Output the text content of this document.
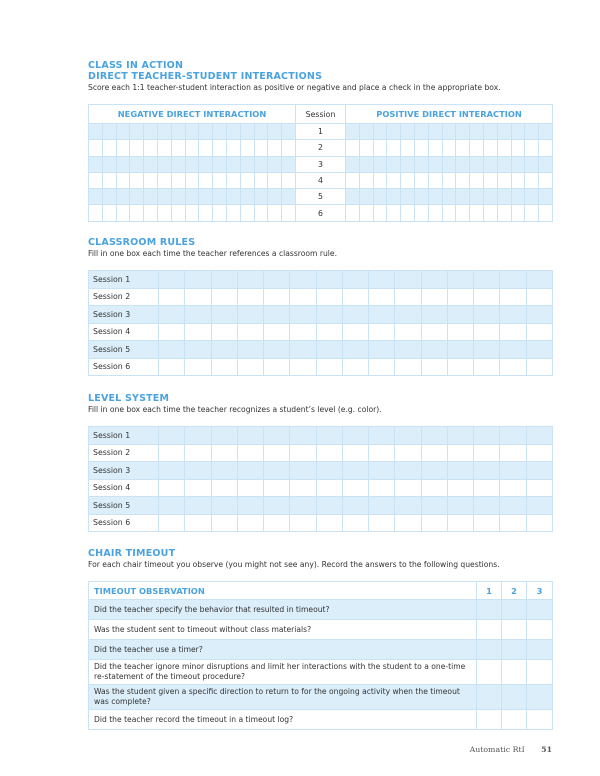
CLASS IN ACTION
DIRECT TEACHER-STUDENT INTERACTIONS
Score each 1:1 teacher-student interaction as positive or negative and place a check in the appropriate box.
NEGATIVE DIRECT INTERACTION															Session	POSITIVE DIRECT INTERACTION														
															1															
															2															
															3															
															4															
															5															
															6															
CLASSROOM RULES
Fill in one box each time the teacher references a classroom rule.
Session 1															
Session 2															
Session 3															
Session 4															
Session 5															
Session 6															
LEVEL SYSTEM
Fill in one box each time the teacher recognizes a student’s level (e.g. color).
Session 1															
Session 2															
Session 3															
Session 4															
Session 5															
Session 6															
CHAIR TIMEOUT
For each chair timeout you observe (you might not see any). Record the answers to the following questions.
TIMEOUT OBSERVATION	1	2	3
Did the teacher specify the behavior that resulted in timeout?			
Was the student sent to timeout without class materials?			
Did the teacher use a timer?			
Did the teacher ignore minor disruptions and limit her interactions with the student to a one-time re-statement of the timeout procedure?			
Was the student given a specific direction to return to for the ongoing activity when the timeout was complete?			
Did the teacher record the timeout in a timeout log?			
Automatic RtI 51
